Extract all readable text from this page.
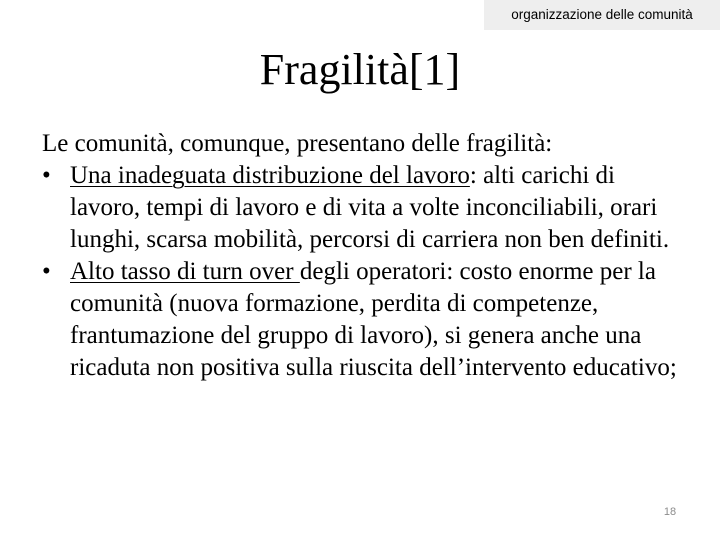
organizzazione delle comunità
Fragilità[1]
Le comunità, comunque, presentano delle fragilità:
• Una inadeguata distribuzione del lavoro: alti carichi di lavoro, tempi di lavoro e di vita a volte inconciliabili, orari lunghi, scarsa mobilità, percorsi di carriera non ben definiti.
• Alto tasso di turn over degli operatori: costo enorme per la comunità (nuova formazione, perdita di competenze, frantumazione del gruppo di lavoro), si genera anche una ricaduta non positiva sulla riuscita dell’intervento educativo;
18
